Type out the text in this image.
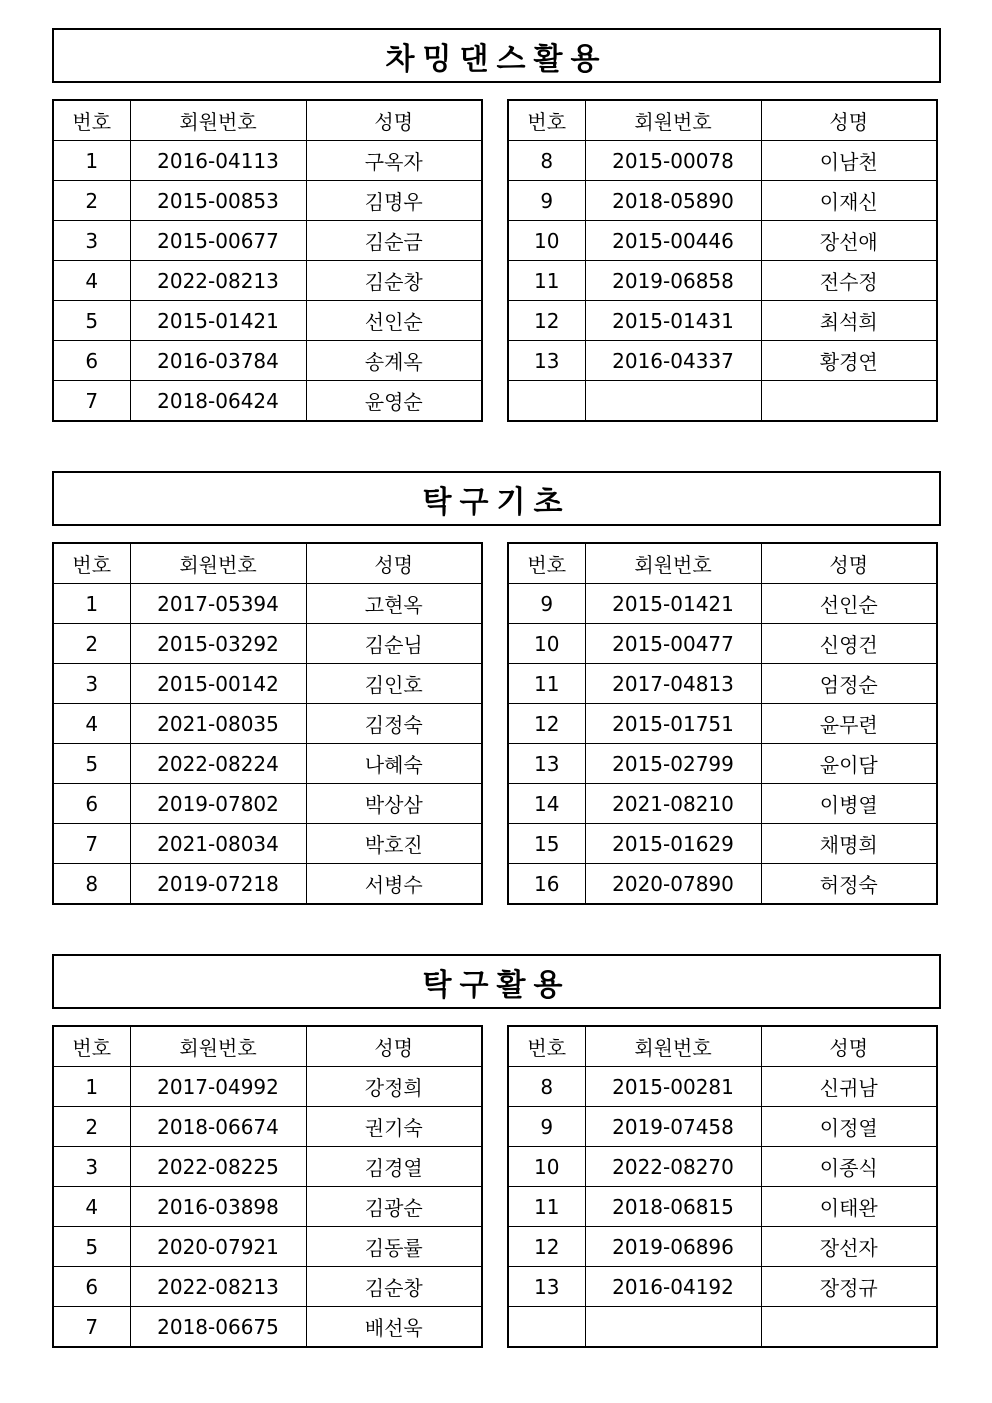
차밍댄스활용
번호	회원번호	성명
1	2016-04113	구옥자
2	2015-00853	김명우
3	2015-00677	김순금
4	2022-08213	김순창
5	2015-01421	선인순
6	2016-03784	송계옥
7	2018-06424	윤영순
번호	회원번호	성명
8	2015-00078	이남천
9	2018-05890	이재신
10	2015-00446	장선애
11	2019-06858	전수정
12	2015-01431	최석희
13	2016-04337	황경연

탁구기초
번호	회원번호	성명
1	2017-05394	고현옥
2	2015-03292	김순님
3	2015-00142	김인호
4	2021-08035	김정숙
5	2022-08224	나혜숙
6	2019-07802	박상삼
7	2021-08034	박호진
8	2019-07218	서병수
번호	회원번호	성명
9	2015-01421	선인순
10	2015-00477	신영건
11	2017-04813	엄정순
12	2015-01751	윤무련
13	2015-02799	윤이담
14	2021-08210	이병열
15	2015-01629	채명희
16	2020-07890	허정숙
탁구활용
번호	회원번호	성명
1	2017-04992	강정희
2	2018-06674	권기숙
3	2022-08225	김경열
4	2016-03898	김광순
5	2020-07921	김동률
6	2022-08213	김순창
7	2018-06675	배선욱
번호	회원번호	성명
8	2015-00281	신귀남
9	2019-07458	이정열
10	2022-08270	이종식
11	2018-06815	이태완
12	2019-06896	장선자
13	2016-04192	장정규
